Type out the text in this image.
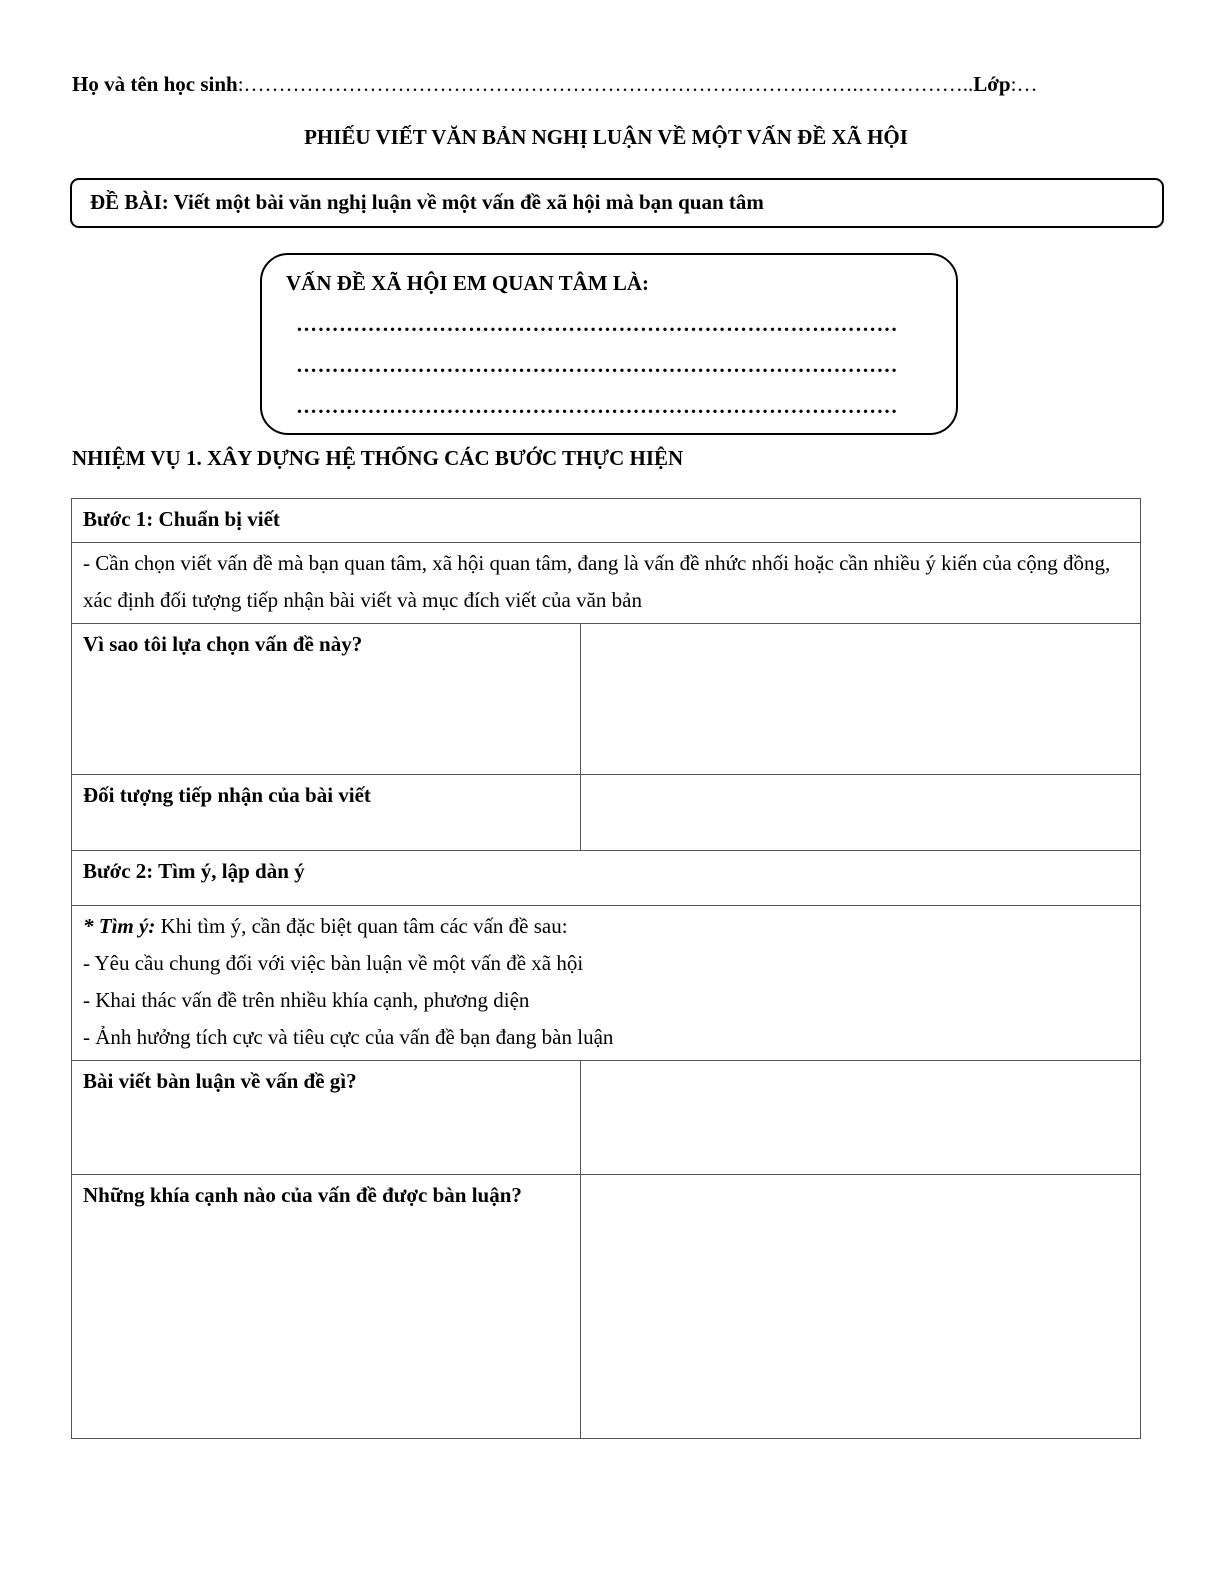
Họ và tên học sinh:…………………………………………………………………………….……………..Lớp:…
PHIẾU VIẾT VĂN BẢN NGHỊ LUẬN VỀ MỘT VẤN ĐỀ XÃ HỘI
ĐỀ BÀI: Viết một bài văn nghị luận về một vấn đề xã hội mà bạn quan tâm
VẤN ĐỀ XÃ HỘI EM QUAN TÂM LÀ:
…………………………………………………………………………
…………………………………………………………………………
…………………………………………………………………………
NHIỆM VỤ 1. XÂY DỰNG HỆ THỐNG CÁC BƯỚC THỰC HIỆN
Bước 1: Chuẩn bị viết	
- Cần chọn viết vấn đề mà bạn quan tâm, xã hội quan tâm, đang là vấn đề nhức nhối hoặc cần nhiều ý kiến của cộng đồng, xác định đối tượng tiếp nhận bài viết và mục đích viết của văn bản	
Vì sao tôi lựa chọn vấn đề này?	
Đối tượng tiếp nhận của bài viết	
Bước 2: Tìm ý, lập dàn ý	

* Tìm ý: Khi tìm ý, cần đặc biệt quan tâm các vấn đề sau:
- Yêu cầu chung đối với việc bàn luận về một vấn đề xã hội
- Khai thác vấn đề trên nhiều khía cạnh, phương diện
- Ảnh hưởng tích cực và tiêu cực của vấn đề bạn đang bàn luận	

Bài viết bàn luận về vấn đề gì?	
Những khía cạnh nào của vấn đề được bàn luận?	
